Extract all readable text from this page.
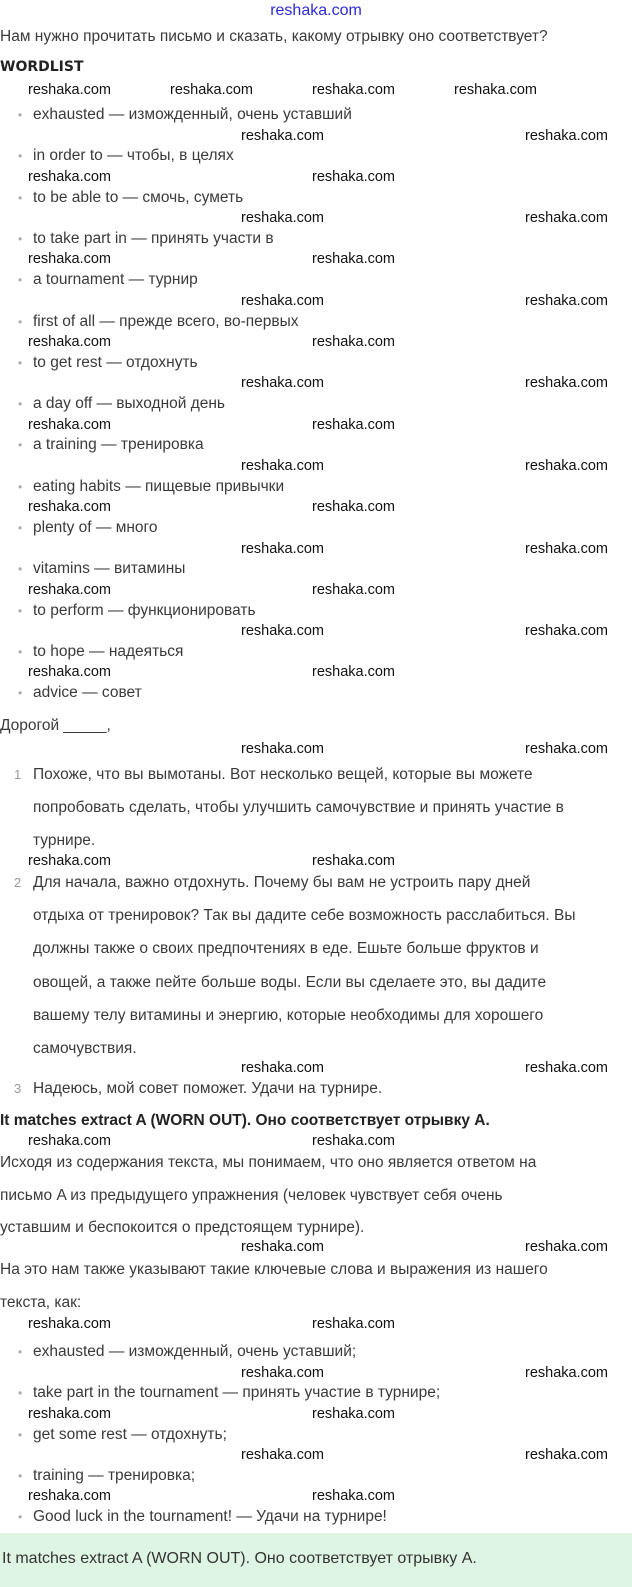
reshaka.com
Нам нужно прочитать письмо и сказать, какому отрывку оно соответствует?
WORDLIST
• exhausted — изможденный, очень уставший
• in order to — чтобы, в целях
• to be able to — смочь, суметь
• to take part in — принять участи в
• a tournament — турнир
• first of all — прежде всего, во-первых
• to get rest — отдохнуть
• a day off — выходной день
• a training — тренировка
• eating habits — пищевые привычки
• plenty of — много
• vitamins — витамины
• to perform — функционировать
• to hope — надеяться
• advice — совет
Дорогой _____,
1 Похоже, что вы вымотаны. Вот несколько вещей, которые вы можете
попробовать сделать, чтобы улучшить самочувствие и принять участие в
турнире.
2 Для начала, важно отдохнуть. Почему бы вам не устроить пару дней
отдыха от тренировок? Так вы дадите себе возможность расслабиться. Вы
должны также о своих предпочтениях в еде. Ешьте больше фруктов и
овощей, а также пейте больше воды. Если вы сделаете это, вы дадите
вашему телу витамины и энергию, которые необходимы для хорошего
самочувствия.
3 Надеюсь, мой совет поможет. Удачи на турнире.
It matches extract A (WORN OUT). Оно соответствует отрывку A.
Исходя из содержания текста, мы понимаем, что оно является ответом на
письмо A из предыдущего упражнения (человек чувствует себя очень
уставшим и беспокоится о предстоящем турнире).
На это нам также указывают такие ключевые слова и выражения из нашего
текста, как:
• exhausted — изможденный, очень уставший;
• take part in the tournament — принять участие в турнире;
• get some rest — отдохнуть;
• training — тренировка;
• Good luck in the tournament! — Удачи на турнире!
It matches extract A (WORN OUT). Оно соответствует отрывку A.
reshaka.com	reshaka.com	reshaka.com	reshaka.com
reshaka.com	reshaka.com
reshaka.com	reshaka.com
reshaka.com	reshaka.com
reshaka.com	reshaka.com
reshaka.com	reshaka.com
reshaka.com	reshaka.com
reshaka.com	reshaka.com
reshaka.com	reshaka.com
reshaka.com	reshaka.com
reshaka.com	reshaka.com
reshaka.com	reshaka.com
reshaka.com	reshaka.com
reshaka.com	reshaka.com
reshaka.com	reshaka.com
reshaka.com	reshaka.com
reshaka.com	reshaka.com
reshaka.com	reshaka.com
reshaka.com	reshaka.com
reshaka.com	reshaka.com
reshaka.com	reshaka.com
reshaka.com	reshaka.com
reshaka.com	reshaka.com
reshaka.com	reshaka.com
reshaka.com	reshaka.com
